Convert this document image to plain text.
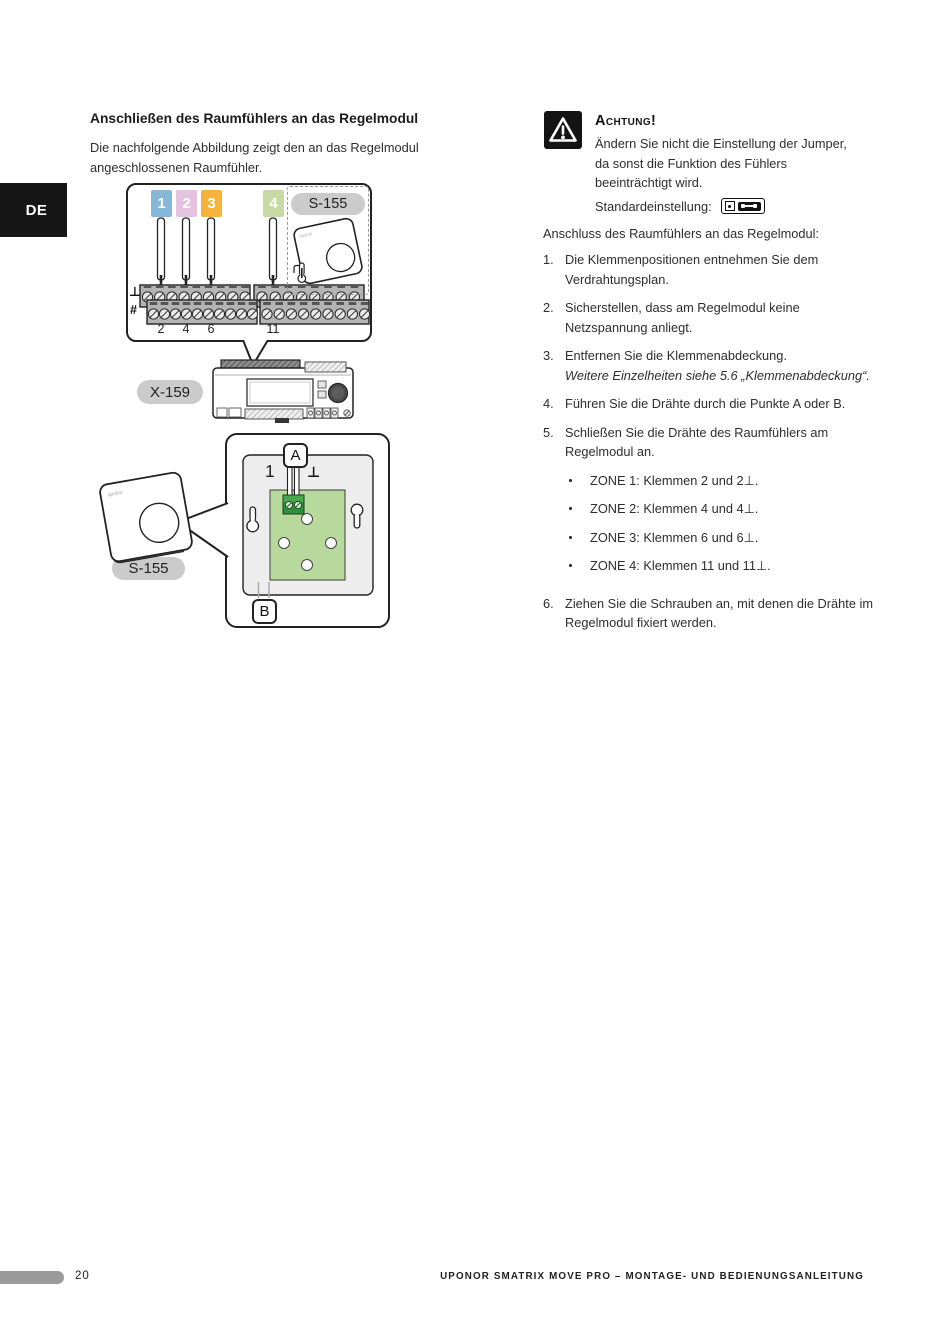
DE
Anschließen des Raumfühlers an das Regelmodul
Die nachfolgende Abbildung zeigt den an das Regelmodul angeschlossenen Raumfühler.
1	2	3	4	S-155
uponor
⊥
#
2 4 6	11
X-159
A
B
1 ⊥
uponor
S-155
Achtung!
Ändern Sie nicht die Einstellung der Jumper, da sonst die Funktion des Fühlers beeinträchtigt wird.
Standardeinstellung:
Anschluss des Raumfühlers an das Regelmodul:
1. Die Klemmenpositionen entnehmen Sie dem Verdrahtungsplan.
2. Sicherstellen, dass am Regelmodul keine Netzspannung anliegt.
3. Entfernen Sie die Klemmenabdeckung.
Weitere Einzelheiten siehe 5.6 „Klemmenabdeckung“.
4. Führen Sie die Drähte durch die Punkte A oder B.
5. Schließen Sie die Drähte des Raumfühlers am Regelmodul an.
ZONE 1: Klemmen 2 und 2⊥.
ZONE 2: Klemmen 4 und 4⊥.
ZONE 3: Klemmen 6 und 6⊥.
ZONE 4: Klemmen 11 und 11⊥.
6. Ziehen Sie die Schrauben an, mit denen die Drähte im Regelmodul fixiert werden.
20	UPONOR SMATRIX MOVE PRO – MONTAGE- UND BEDIENUNGSANLEITUNG
